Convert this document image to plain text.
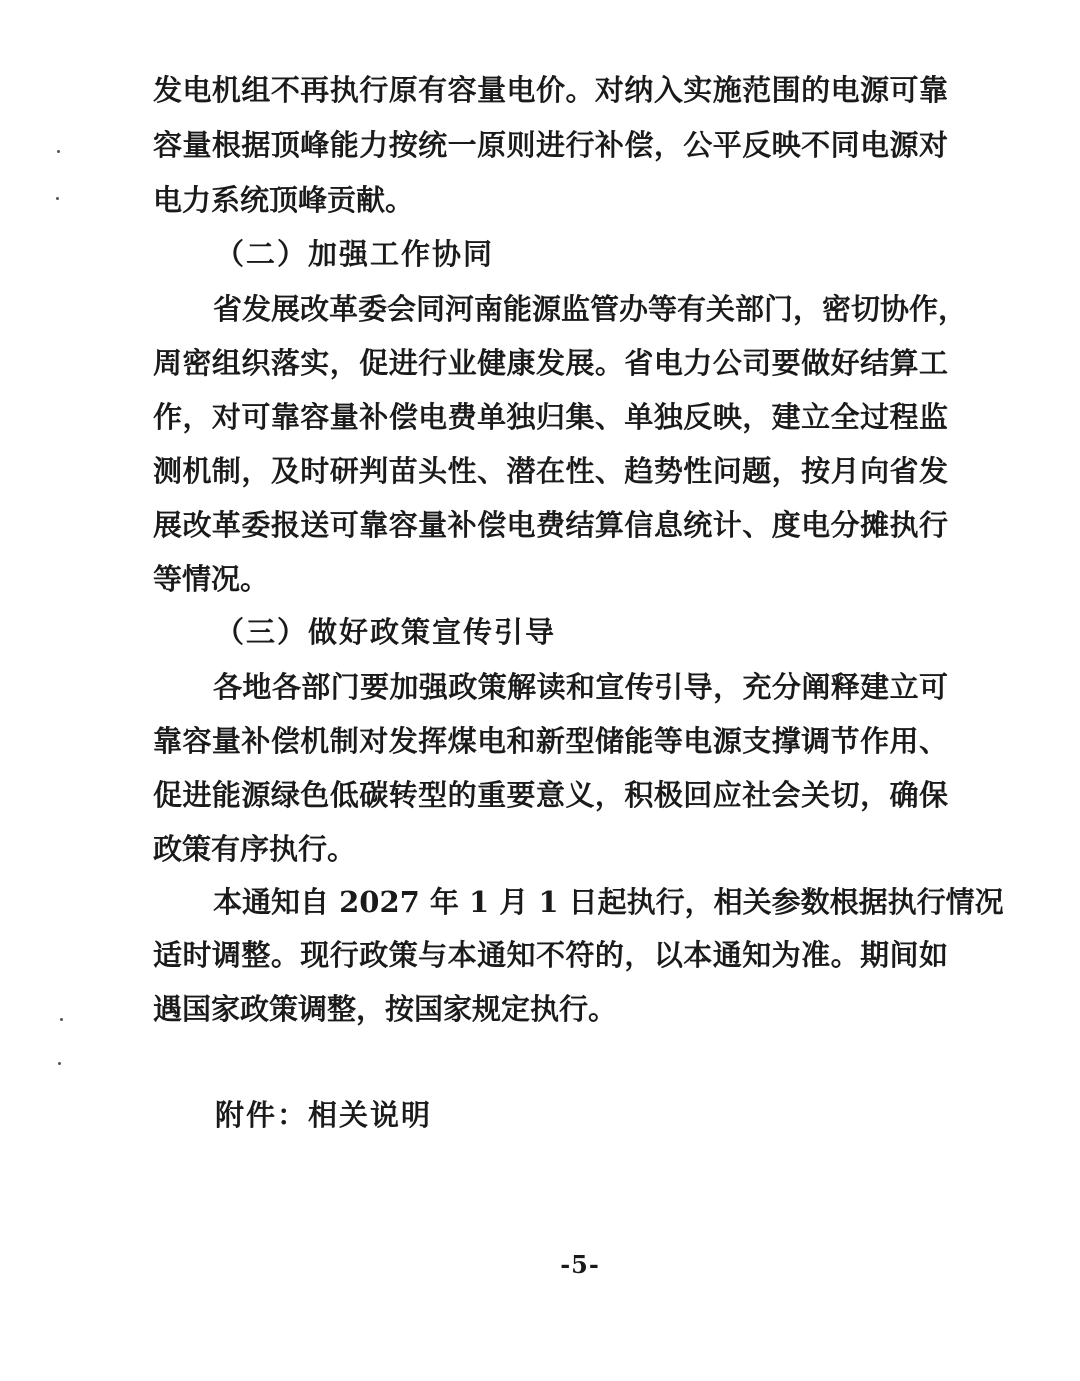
发电机组不再执行原有容量电价。对纳入实施范围的电源可靠
容量根据顶峰能力按统一原则进行补偿，公平反映不同电源对
电力系统顶峰贡献。
（二）加强工作协同
省发展改革委会同河南能源监管办等有关部门，密切协作，
周密组织落实，促进行业健康发展。省电力公司要做好结算工
作，对可靠容量补偿电费单独归集、单独反映，建立全过程监
测机制，及时研判苗头性、潜在性、趋势性问题，按月向省发
展改革委报送可靠容量补偿电费结算信息统计、度电分摊执行
等情况。
（三）做好政策宣传引导
各地各部门要加强政策解读和宣传引导，充分阐释建立可
靠容量补偿机制对发挥煤电和新型储能等电源支撑调节作用、
促进能源绿色低碳转型的重要意义，积极回应社会关切，确保
政策有序执行。
本通知自 2027 年 1 月 1 日起执行，相关参数根据执行情况
适时调整。现行政策与本通知不符的，以本通知为准。期间如
遇国家政策调整，按国家规定执行。
附件：相关说明
-5-
